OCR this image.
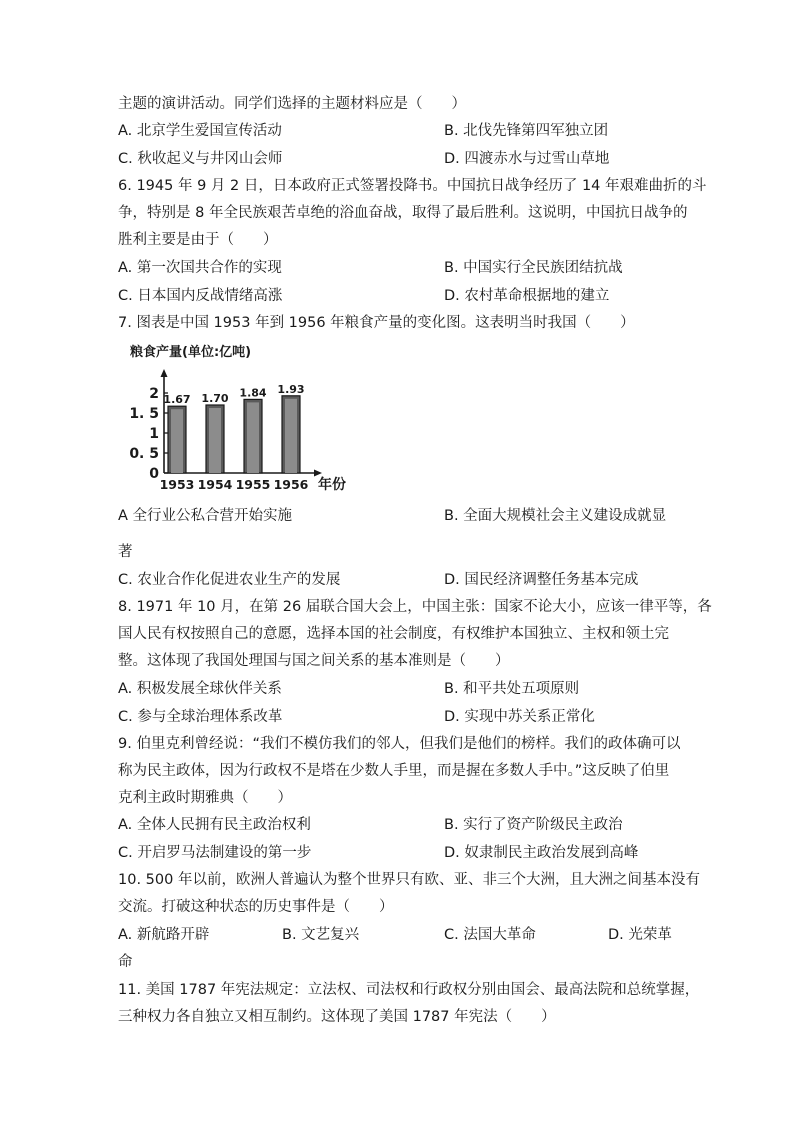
主题的演讲活动。同学们选择的主题材料应是（　　）
A. 北京学生爱国宣传活动	B. 北伐先锋第四军独立团
C. 秋收起义与井冈山会师	D. 四渡赤水与过雪山草地
6. 1945 年 9 月 2 日，日本政府正式签署投降书。中国抗日战争经历了 14 年艰难曲折的斗
争，特别是 8 年全民族艰苦卓绝的浴血奋战，取得了最后胜利。这说明，中国抗日战争的
胜利主要是由于（　　）
A. 第一次国共合作的实现	B. 中国实行全民族团结抗战
C. 日本国内反战情绪高涨	D. 农村革命根据地的建立
7. 图表是中国 1953 年到 1956 年粮食产量的变化图。这表明当时我国（　　）
粮食产量(单位:亿吨)
0
0. 5
1
1. 5
2 1.67
1953
1.70
1954
1.84
1955
1.93
1956 年份
A 全行业公私合营开始实施	B. 全面大规模社会主义建设成就显
著
C. 农业合作化促进农业生产的发展	D. 国民经济调整任务基本完成
8. 1971 年 10 月，在第 26 届联合国大会上，中国主张：国家不论大小，应该一律平等，各
国人民有权按照自己的意愿，选择本国的社会制度，有权维护本国独立、主权和领土完
整。这体现了我国处理国与国之间关系的基本准则是（　　）
A. 积极发展全球伙伴关系	B. 和平共处五项原则
C. 参与全球治理体系改革	D. 实现中苏关系正常化
9. 伯里克利曾经说：“我们不模仿我们的邻人，但我们是他们的榜样。我们的政体确可以
称为民主政体，因为行政权不是塔在少数人手里，而是握在多数人手中。”这反映了伯里
克利主政时期雅典（　　）
A. 全体人民拥有民主政治权利	B. 实行了资产阶级民主政治
C. 开启罗马法制建设的第一步	D. 奴隶制民主政治发展到高峰
10. 500 年以前，欧洲人普遍认为整个世界只有欧、亚、非三个大洲，且大洲之间基本没有
交流。打破这种状态的历史事件是（　　）
A. 新航路开辟	B. 文艺复兴	C. 法国大革命	D. 光荣革
命
11. 美国 1787 年宪法规定：立法权、司法权和行政权分别由国会、最高法院和总统掌握，
三种权力各自独立又相互制约。这体现了美国 1787 年宪法（　　）
